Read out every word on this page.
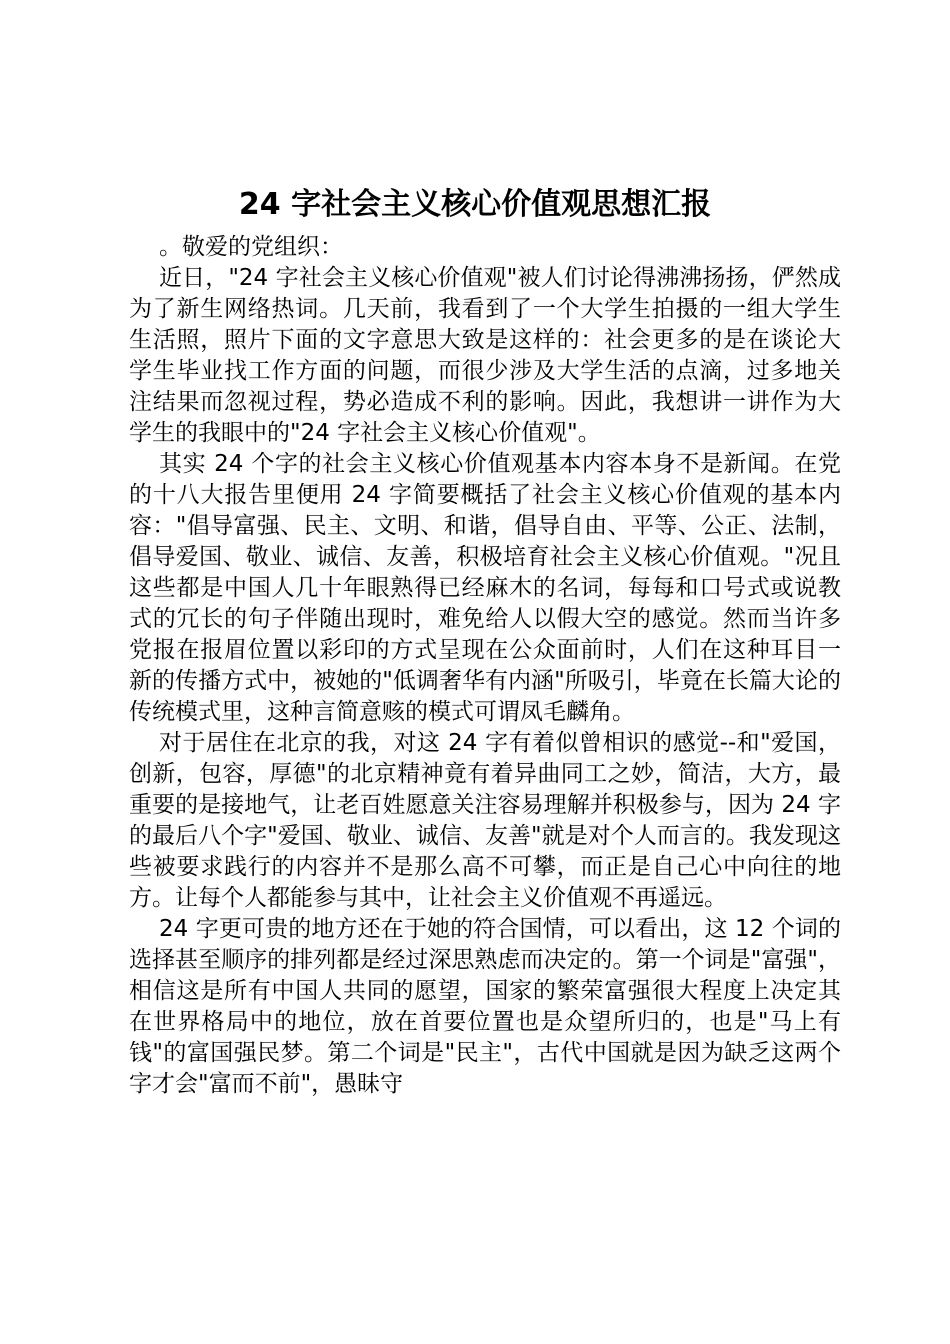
24 字社会主义核心价值观思想汇报

。敬爱的党组织：

近日，"24 字社会主义核心价值观"被人们讨论得沸沸扬扬，俨然成为了新生网络热词。几天前，我看到了一个大学生拍摄的一组大学生生活照，照片下面的文字意思大致是这样的：社会更多的是在谈论大学生毕业找工作方面的问题，而很少涉及大学生活的点滴，过多地关注结果而忽视过程，势必造成不利的影响。因此，我想讲一讲作为大学生的我眼中的"24 字社会主义核心价值观"。

其实 24 个字的社会主义核心价值观基本内容本身不是新闻。在党的十八大报告里便用 24 字简要概括了社会主义核心价值观的基本内容："倡导富强、民主、文明、和谐，倡导自由、平等、公正、法制，倡导爱国、敬业、诚信、友善，积极培育社会主义核心价值观。"况且这些都是中国人几十年眼熟得已经麻木的名词，每每和口号式或说教式的冗长的句子伴随出现时，难免给人以假大空的感觉。然而当许多党报在报眉位置以彩印的方式呈现在公众面前时，人们在这种耳目一新的传播方式中，被她的"低调奢华有内涵"所吸引，毕竟在长篇大论的传统模式里，这种言简意赅的模式可谓凤毛麟角。

对于居住在北京的我，对这 24 字有着似曾相识的感觉--和"爱国，创新，包容，厚德"的北京精神竟有着异曲同工之妙，简洁，大方，最重要的是接地气，让老百姓愿意关注容易理解并积极参与，因为 24 字的最后八个字"爱国、敬业、诚信、友善"就是对个人而言的。我发现这些被要求践行的内容并不是那么高不可攀，而正是自己心中向往的地方。让每个人都能参与其中，让社会主义价值观不再遥远。

24 字更可贵的地方还在于她的符合国情，可以看出，这 12 个词的选择甚至顺序的排列都是经过深思熟虑而决定的。第一个词是"富强"，相信这是所有中国人共同的愿望，国家的繁荣富强很大程度上决定其在世界格局中的地位，放在首要位置也是众望所归的，也是"马上有钱"的富国强民梦。第二个词是"民主"，古代中国就是因为缺乏这两个字才会"富而不前"，愚昧守
